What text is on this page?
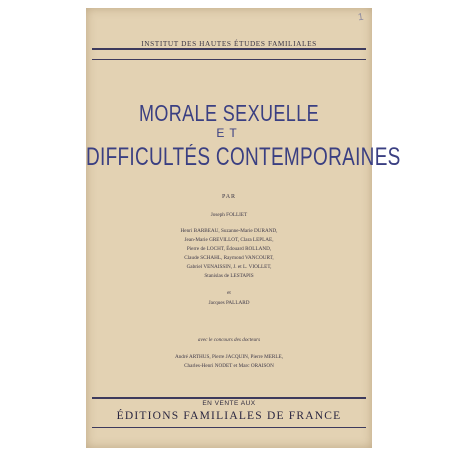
1
INSTITUT DES HAUTES ÉTUDES FAMILIALES
MORALE SEXUELLE
ET
DIFFICULTÉS CONTEMPORAINES
PAR
Joseph FOLLIET
Henri BARBEAU, Suzanne-Marie DURAND,
Jean-Marie GREVILLOT, Clara LEPLAE,
Pierre de LOCHT, Édouard ROLLAND,
Claude SCHAHL, Raymond VANCOURT,
Gabriel VENAISSIN, J. et L. VIOLLET,
Stanislas de LESTAPIS
et
Jacques PALLARD
avec le concours des docteurs
André ARTHUS, Pierre JACQUIN, Pierre MERLE,
Charles-Henri NODET et Marc ORAISON
EN VENTE AUX
ÉDITIONS FAMILIALES DE FRANCE
